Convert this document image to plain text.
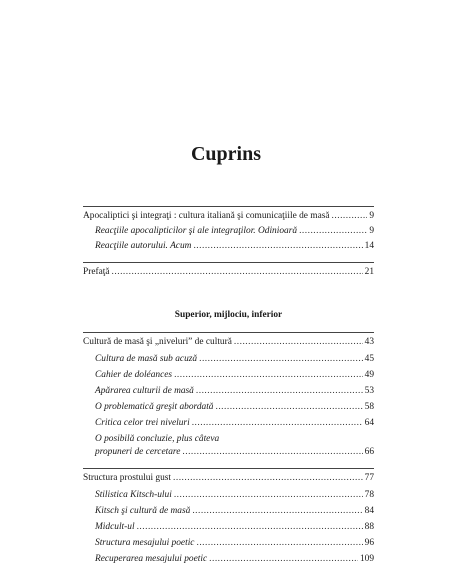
Cuprins
Apocaliptici şi integraţi : cultura italiană şi comunicaţiile de masă .....	9
Reacţiile apocalipticilor şi ale integraţilor. Odinioară .....	9
Reacţiile autorului. Acum .....	14
Prefaţă .....	21
Superior, mijlociu, inferior
Cultură de masă şi „niveluri” de cultură .....	43
Cultura de masă sub acuză .....	45
Cahier de doléances .....	49
Apărarea culturii de masă .....	53
O problematică greşit abordată .....	58
Critica celor trei niveluri .....	64
O posibilă concluzie, plus câteva
propuneri de cercetare .....	66
Structura prostului gust .....	77
Stilistica Kitsch-ului .....	78
Kitsch şi cultură de masă .....	84
Midcult-ul .....	88
Structura mesajului poetic .....	96
Recuperarea mesajului poetic .....	109
